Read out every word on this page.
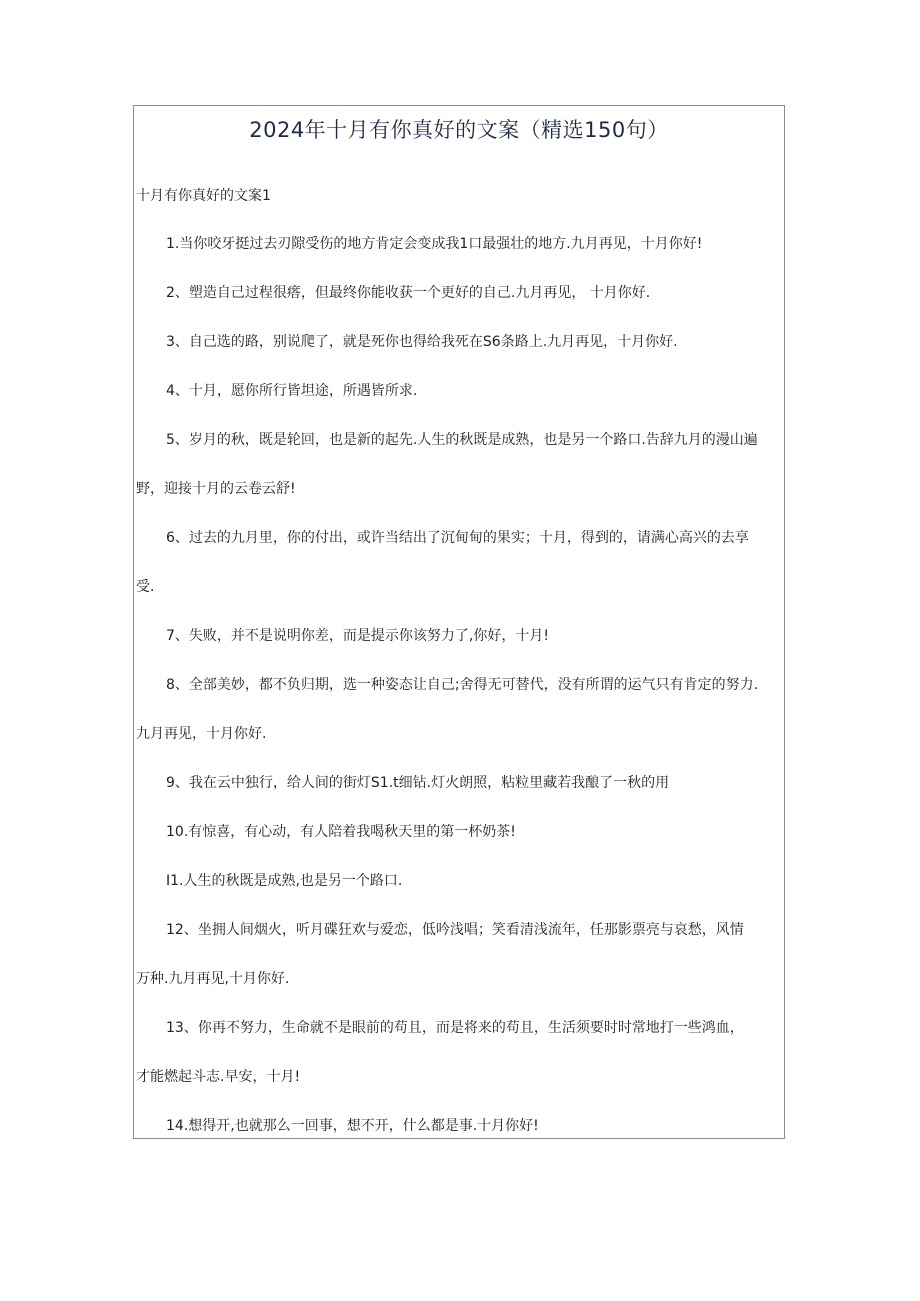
2024年十月有你真好的文案（精选150句）
十月有你真好的文案1
1.当你咬牙挺过去刃隙受伤的地方肯定会变成我1口最强壮的地方.九月再见，十月你好!
2、塑造自己过程很瘩，但最终你能收获一个更好的自己.九月再见， 十月你好.
3、自己选的路，别说爬了，就是死你也得给我死在S6条路上.九月再见，十月你好.
4、十月，愿你所行皆坦途，所遇皆所求.
5、岁月的秋，既是轮回，也是新的起先.人生的秋既是成熟，也是另一个路口.告辞九月的漫山遍
野，迎接十月的云卷云舒!
6、过去的九月里，你的付出，或许当结出了沉甸甸的果实；十月，得到的，请满心高兴的去享
受.
7、失败，并不是说明你差，而是提示你该努力了,你好，十月!
8、全部美妙，都不负归期，选一种姿态让自己;舍得无可替代，没有所谓的运气只有肯定的努力.
九月再见，十月你好.
9、我在云中独行，给人间的街灯S1.t细钻.灯火朗照，粘粒里藏若我酿了一秋的用
10.有惊喜，有心动，有人陪着我喝秋天里的第一杯奶茶!
I1.人生的秋既是成熟,也是另一个路口.
12、坐拥人间烟火，听月碟狂欢与爱恋，低吟浅唱；笑看清浅流年，任那影票亮与哀愁，风情
万种.九月再见,十月你好.
13、你再不努力，生命就不是眼前的苟且，而是将来的苟且，生活须要时时常地打一些鸿血，
才能燃起斗志.早安，十月!
14.想得开,也就那么一回事，想不开，什么都是事.十月你好!
